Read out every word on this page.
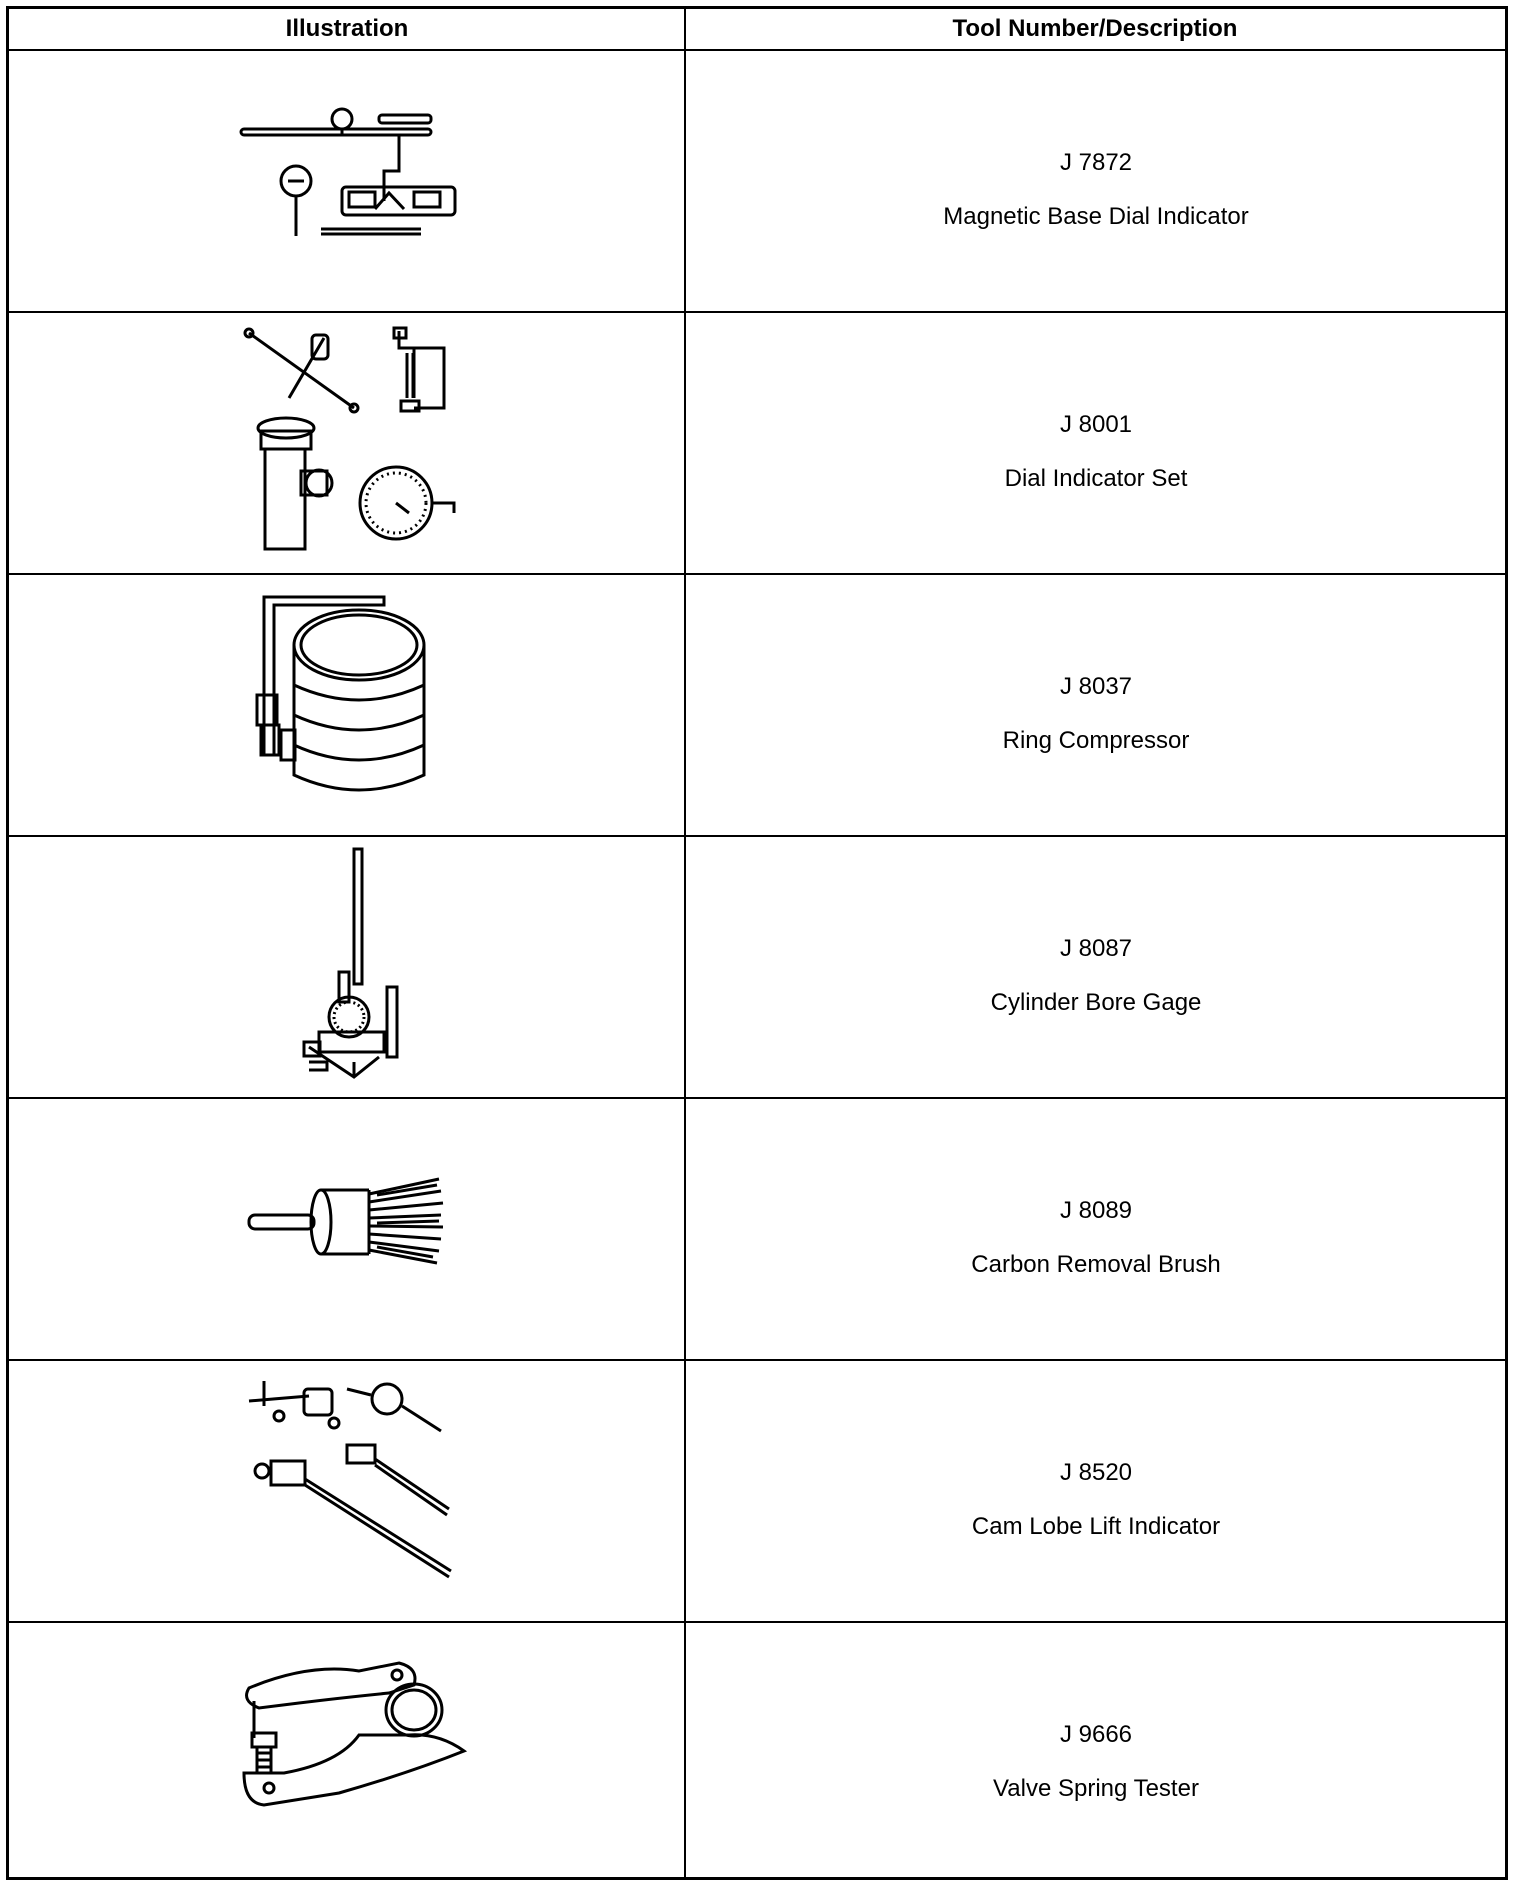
Illustration	Tool Number/Description
J 7872
Magnetic Base Dial Indicator
J 8001
Dial Indicator Set
J 8037
Ring Compressor
J 8087
Cylinder Bore Gage
J 8089
Carbon Removal Brush
J 8520
Cam Lobe Lift Indicator
J 9666
Valve Spring Tester
